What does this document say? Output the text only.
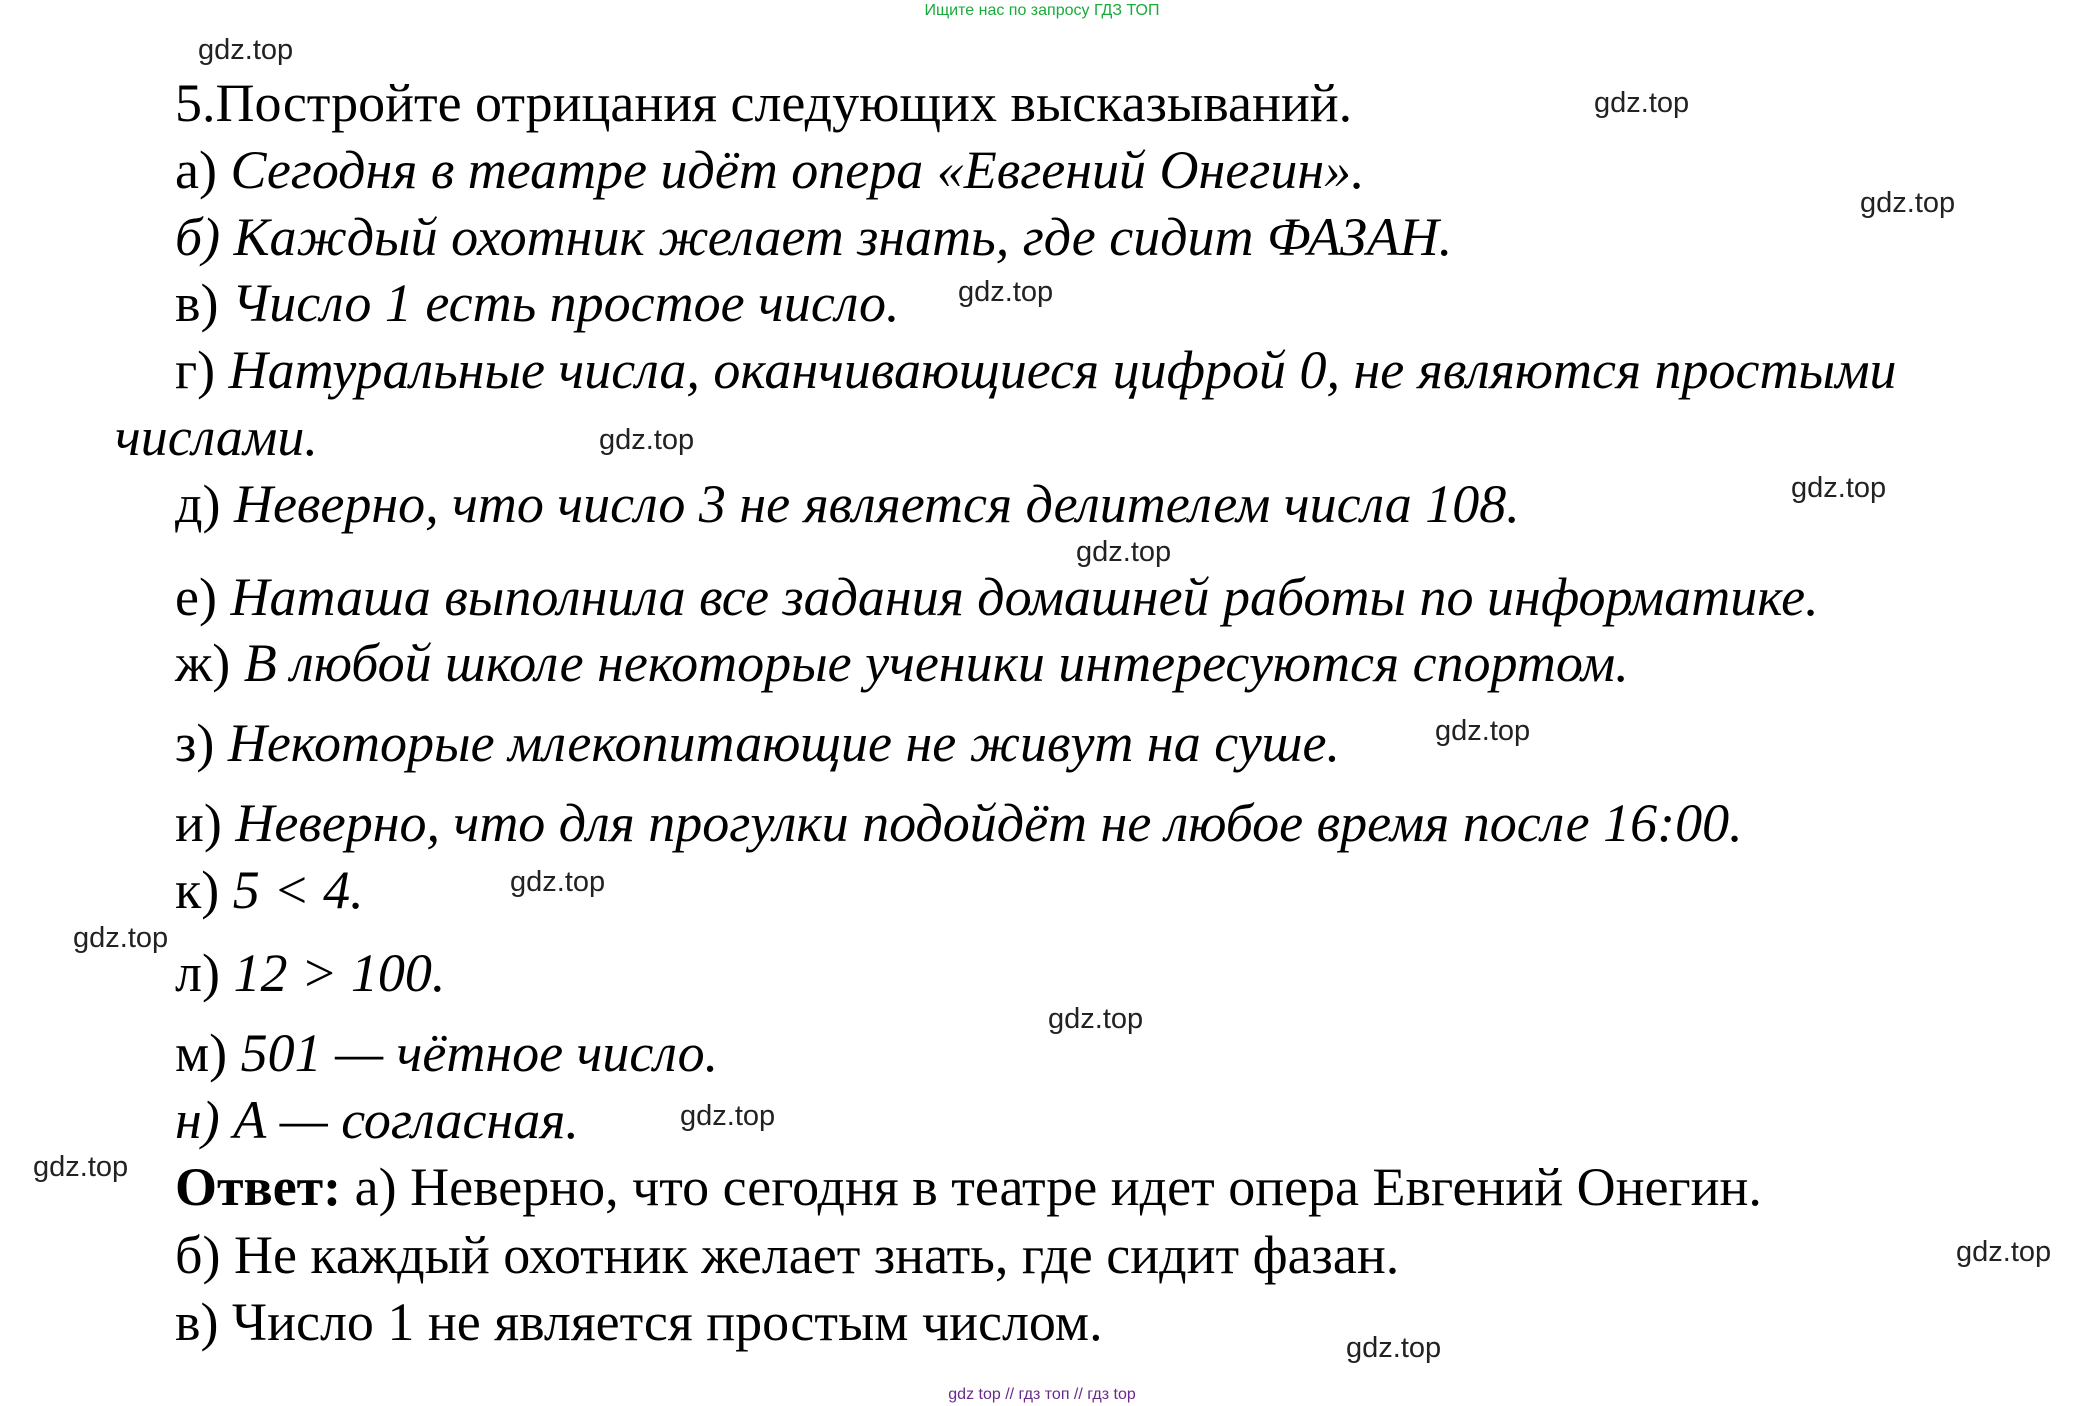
Ищите нас по запросу ГДЗ ТОП
5.Постройте отрицания следующих высказываний.
а) Сегодня в театре идёт опера «Евгений Онегин».
б) Каждый охотник желает знать, где сидит ФАЗАН.
в) Число 1 есть простое число.
г) Натуральные числа, оканчивающиеся цифрой 0, не являются простыми
числами.
д) Неверно, что число 3 не является делителем числа 108.
е) Наташа выполнила все задания домашней работы по информатике.
ж) В любой школе некоторые ученики интересуются спортом.
з) Некоторые млекопитающие не живут на суше.
и) Неверно, что для прогулки подойдёт не любое время после 16:00.
к) 5 < 4.
л) 12 > 100.
м) 501 — чётное число.
н) А — согласная.
Ответ: а) Неверно, что сегодня в театре идет опера Евгений Онегин.
б) Не каждый охотник желает знать, где сидит фазан.
в) Число 1 не является простым числом.
gdz.top
gdz.top
gdz.top
gdz.top
gdz.top
gdz.top
gdz.top
gdz.top
gdz.top
gdz.top
gdz.top
gdz.top
gdz.top
gdz.top
gdz.top
gdz top // гдз топ // гдз top
